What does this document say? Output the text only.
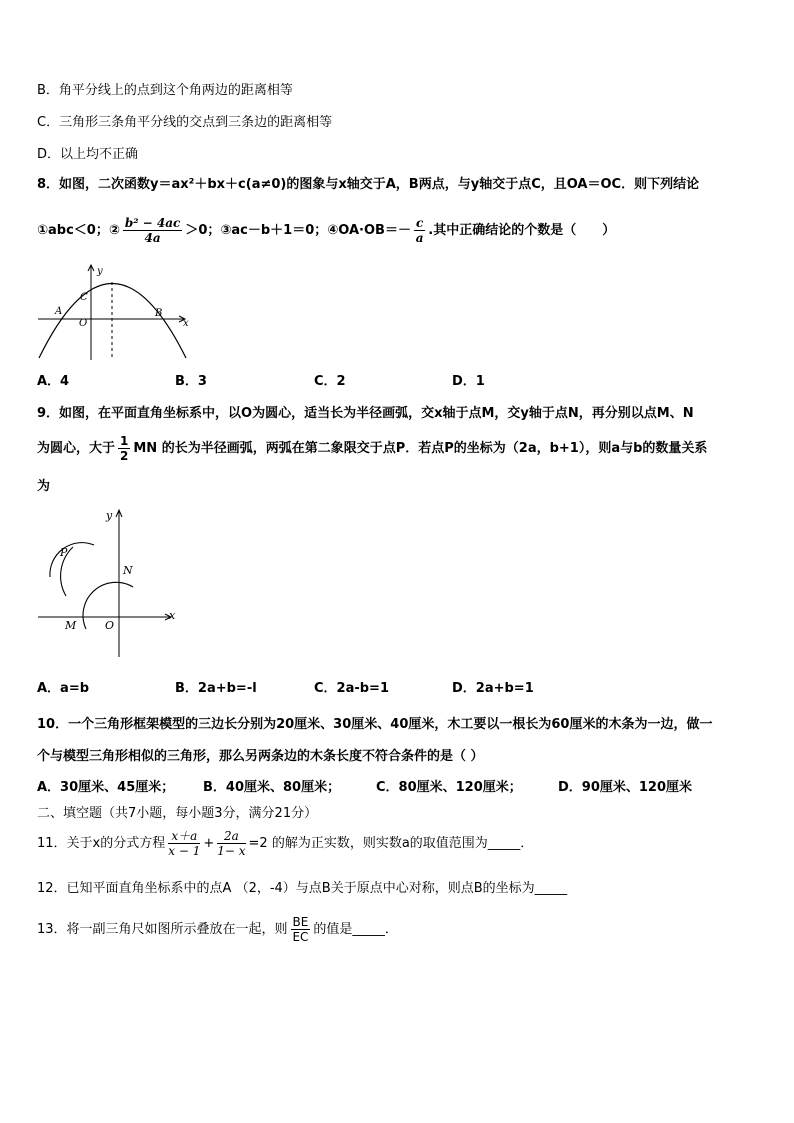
B．角平分线上的点到这个角两边的距离相等
C．三角形三条角平分线的交点到三条边的距离相等
D．以上均不正确
8．如图，二次函数y＝ax²＋bx＋c(a≠0)的图象与x轴交于A，B两点，与y轴交于点C，且OA＝OC．则下列结论
①abc＜0；② $\frac{\text{b² − 4ac}}{4a} >0$；③ac－b＋1＝0；④OA·OB＝－ $\frac{c}{a}$ .其中正确结论的个数是（　　）
y
x
A	B
C
O
A．4	B．3	C．2	D．1
9．如图，在平面直角坐标系中，以O为圆心，适当长为半径画弧，交x轴于点M，交y轴于点N，再分别以点M、N
为圆心，大于 $\frac{1}{2}$ MN 的长为半径画弧，两弧在第二象限交于点P．若点P的坐标为（2a，b+1），则a与b的数量关系
为
y
x
P
N
M	O
A．a=b	B．2a+b=-l	C．2a-b=1	D．2a+b=1
10．一个三角形框架模型的三边长分别为20厘米、30厘米、40厘米，木工要以一根长为60厘米的木条为一边，做一
个与模型三角形相似的三角形，那么另两条边的木条长度不符合条件的是（ ）
A．30厘米、45厘米； B．40厘米、80厘米；	C．80厘米、120厘米；	D．90厘米、120厘米
二、填空题（共7小题，每小题3分，满分21分）
11．关于x的分式方程 $\frac{x+a}{x - 1} + \frac{2a}{1- x} =2$ 的解为正实数，则实数a的取值范围为_____．
12．已知平面直角坐标系中的点A （2，-4）与点B关于原点中心对称，则点B的坐标为_____
13．将一副三角尺如图所示叠放在一起，则 $\frac{BE}{EC}$ 的值是_____．
